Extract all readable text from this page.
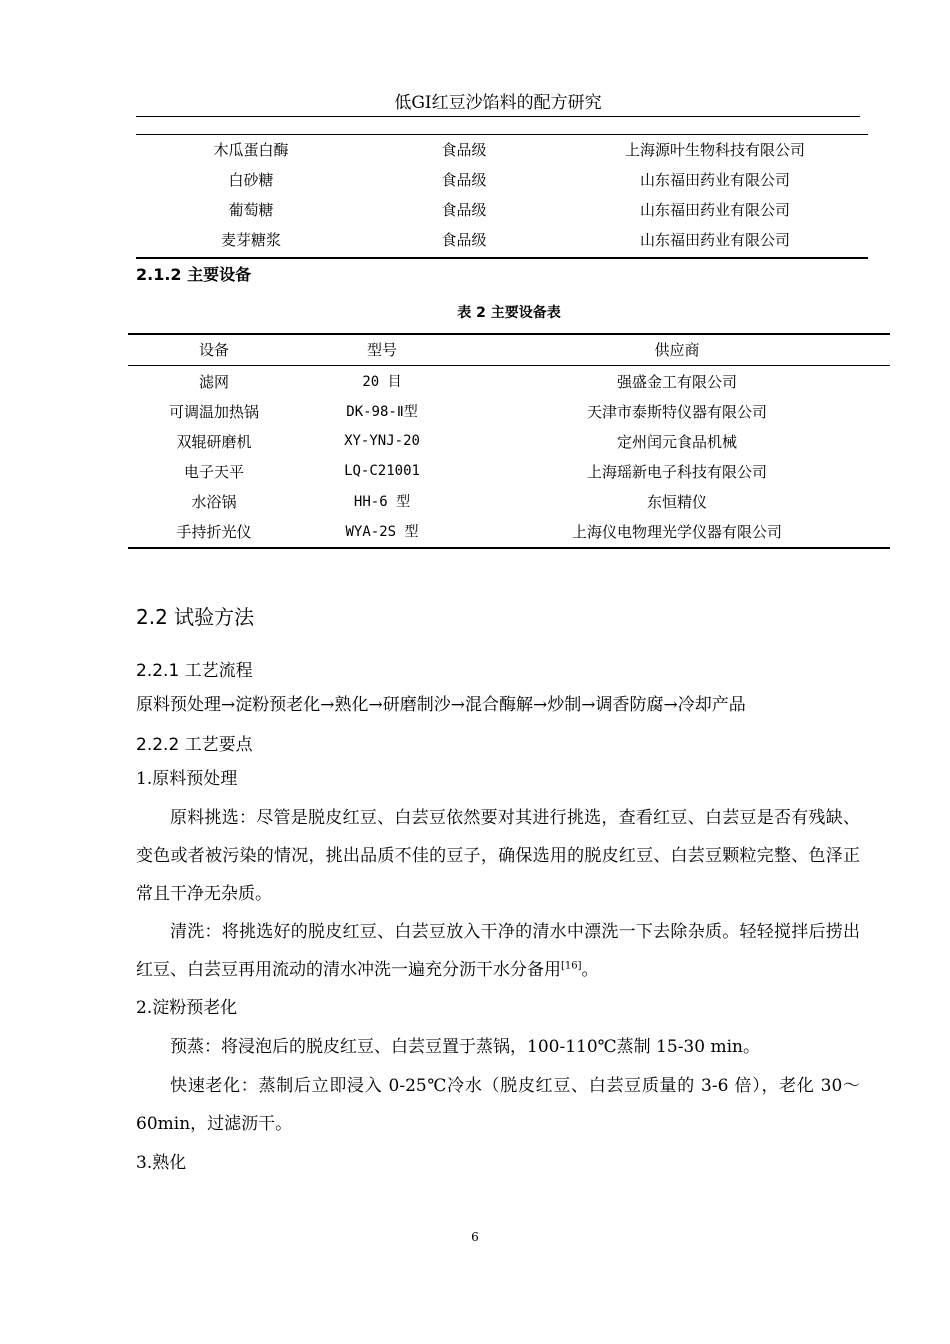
低GI红豆沙馅料的配方研究
木瓜蛋白酶	食品级	上海源叶生物科技有限公司
白砂糖	食品级	山东福田药业有限公司
葡萄糖	食品级	山东福田药业有限公司
麦芽糖浆	食品级	山东福田药业有限公司
2.1.2 主要设备
表 2 主要设备表
设备	型号	供应商
滤网	20 目	强盛金工有限公司
可调温加热锅	DK-98-Ⅱ型	天津市泰斯特仪器有限公司
双辊研磨机	XY-YNJ-20	定州闰元食品机械
电子天平	LQ-C21001	上海瑶新电子科技有限公司
水浴锅	HH-6 型	东恒精仪
手持折光仪	WYA-2S 型	上海仪电物理光学仪器有限公司
2.2 试验方法
2.2.1 工艺流程
原料预处理→淀粉预老化→熟化→研磨制沙→混合酶解→炒制→调香防腐→冷却产品
2.2.2 工艺要点
1.原料预处理
原料挑选：尽管是脱皮红豆、白芸豆依然要对其进行挑选，查看红豆、白芸豆是否有残缺、变色或者被污染的情况，挑出品质不佳的豆子，确保选用的脱皮红豆、白芸豆颗粒完整、色泽正常且干净无杂质。
清洗：将挑选好的脱皮红豆、白芸豆放入干净的清水中漂洗一下去除杂质。轻轻搅拌后捞出红豆、白芸豆再用流动的清水冲洗一遍充分沥干水分备用[16]。
2.淀粉预老化
预蒸：将浸泡后的脱皮红豆、白芸豆置于蒸锅，100-110℃蒸制 15-30 min。
快速老化：蒸制后立即浸入 0-25℃冷水（脱皮红豆、白芸豆质量的 3-6 倍），老化 30～60min，过滤沥干。
3.熟化
6
